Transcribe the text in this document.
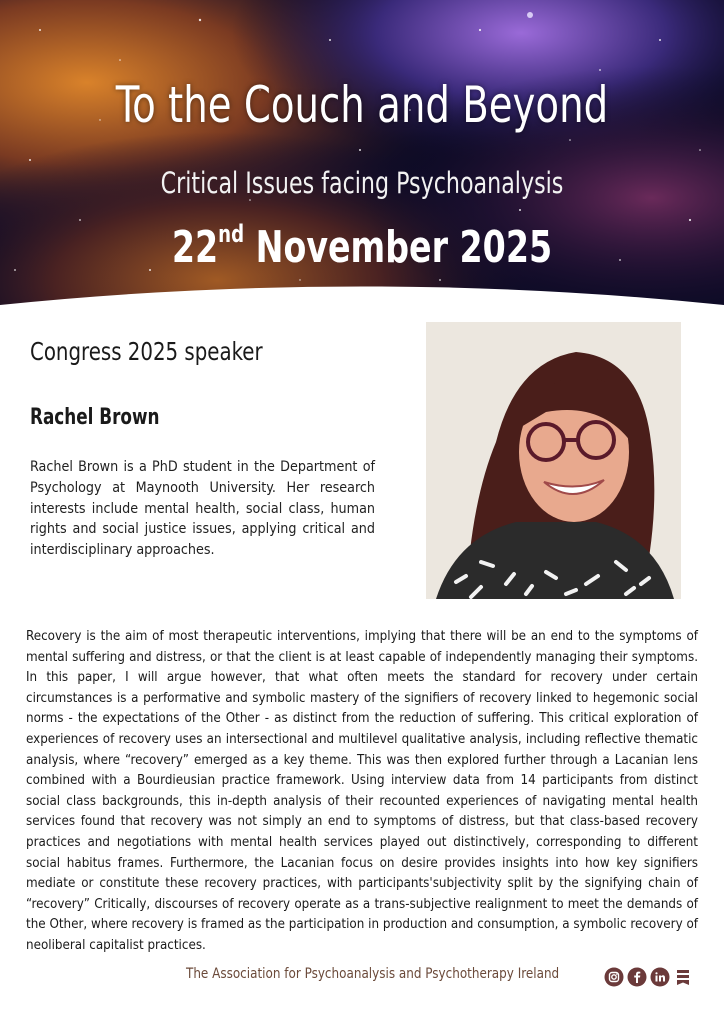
To the Couch and Beyond
Critical Issues facing Psychoanalysis
22nd November 2025
Congress 2025 speaker
Rachel Brown
Rachel Brown is a PhD student in the Department of Psychology at Maynooth University. Her research interests include mental health, social class, human rights and social justice issues, applying critical and interdisciplinary approaches.
Recovery is the aim of most therapeutic interventions, implying that there will be an end to the symptoms of mental suffering and distress, or that the client is at least capable of independently managing their symptoms. In this paper, I will argue however, that what often meets the standard for recovery under certain circumstances is a performative and symbolic mastery of the signifiers of recovery linked to hegemonic social norms - the expectations of the Other - as distinct from the reduction of suffering. This critical exploration of experiences of recovery uses an intersectional and multilevel qualitative analysis, including reflective thematic analysis, where “recovery” emerged as a key theme. This was then explored further through a Lacanian lens combined with a Bourdieusian practice framework. Using interview data from 14 participants from distinct social class backgrounds, this in-depth analysis of their recounted experiences of navigating mental health services found that recovery was not simply an end to symptoms of distress, but that class-based recovery practices and negotiations with mental health services played out distinctively, corresponding to different social habitus frames. Furthermore, the Lacanian focus on desire provides insights into how key signifiers mediate or constitute these recovery practices, with participants'subjectivity split by the signifying chain of “recovery” Critically, discourses of recovery operate as a trans-subjective realignment to meet the demands of the Other, where recovery is framed as the participation in production and consumption, a symbolic recovery of neoliberal capitalist practices.
The Association for Psychoanalysis and Psychotherapy Ireland
